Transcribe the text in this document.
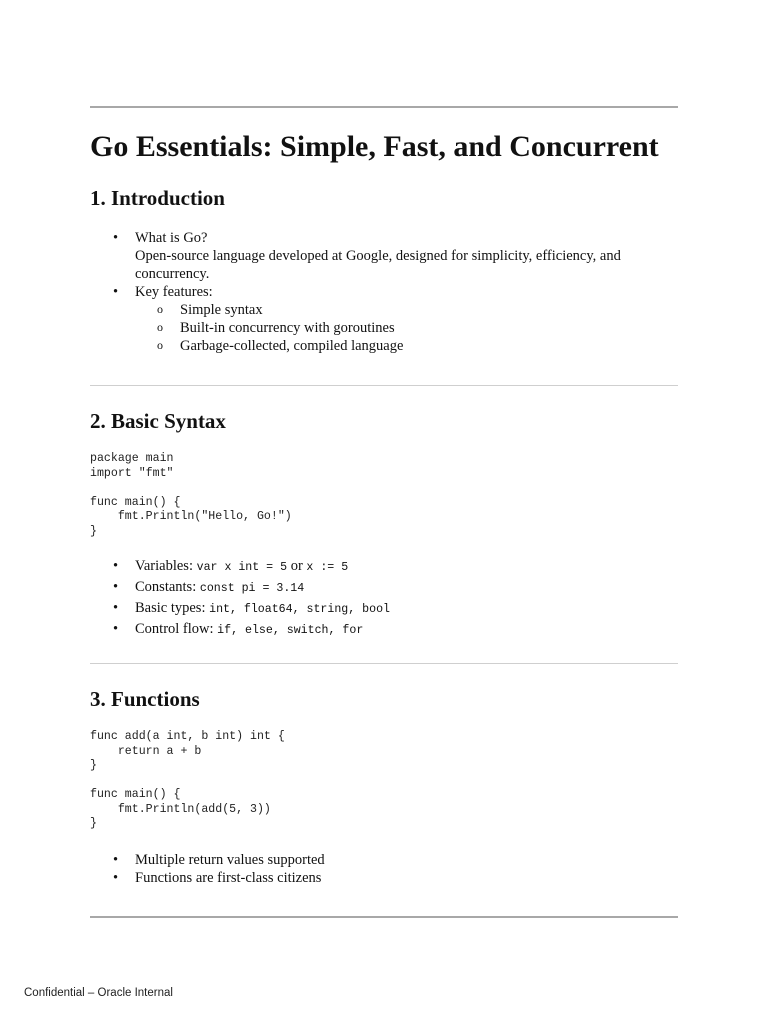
Go Essentials: Simple, Fast, and Concurrent
1. Introduction
• What is Go?
Open-source language developed at Google, designed for simplicity, efficiency, and concurrency.
• Key features:
o Simple syntax
o Built-in concurrency with goroutines
o Garbage-collected, compiled language
2. Basic Syntax
package main
import "fmt"

func main() {
fmt.Println("Hello, Go!")
}
• Variables: var x int = 5 or x := 5
• Constants: const pi = 3.14
• Basic types: int, float64, string, bool
• Control flow: if, else, switch, for
3. Functions
func add(a int, b int) int {
return a + b
}

func main() {
fmt.Println(add(5, 3))
}
• Multiple return values supported
• Functions are first-class citizens
Confidential – Oracle Internal
